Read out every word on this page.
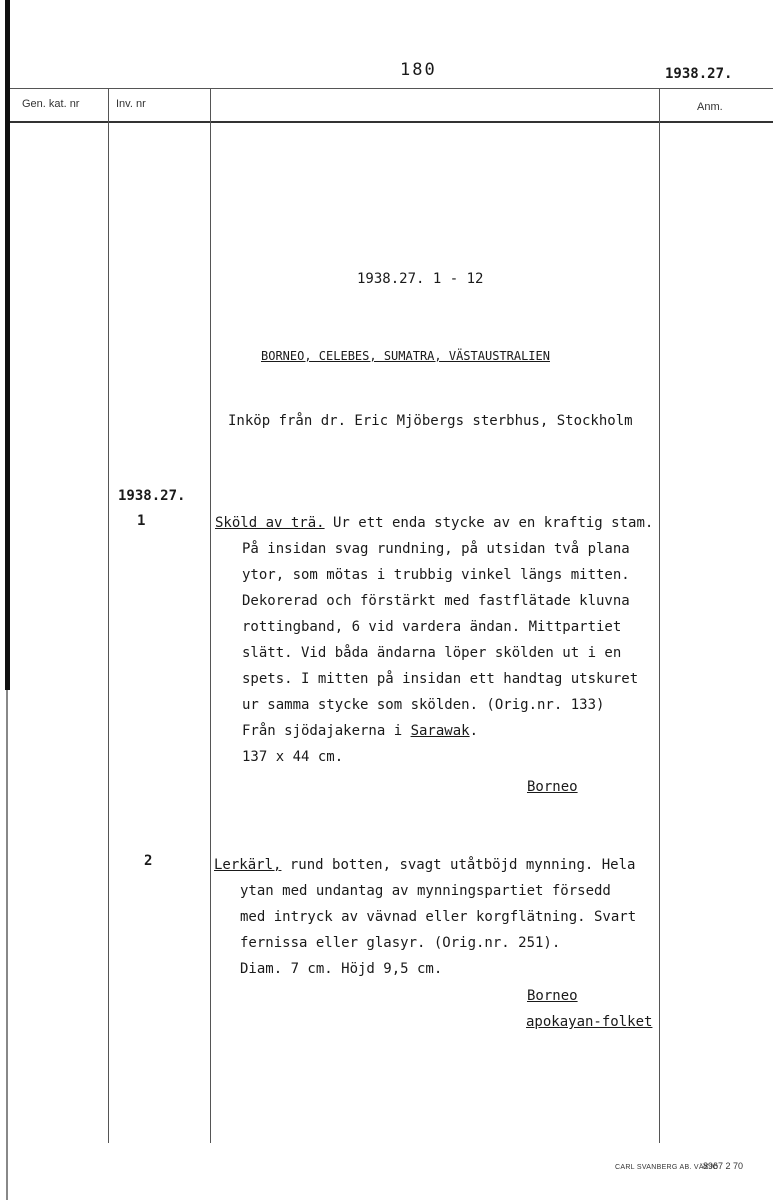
180	1938.27.
Gen. kat. nr	Inv. nr	Anm.
1938.27. 1 - 12
BORNEO, CELEBES, SUMATRA, VÄSTAUSTRALIEN
Inköp från dr. Eric Mjöbergs sterbhus, Stockholm
1938.27.
1	Sköld av trä. Ur ett enda stycke av en kraftig stam.
På insidan svag rundning, på utsidan två plana
ytor, som mötas i trubbig vinkel längs mitten.
Dekorerad och förstärkt med fastflätade kluvna
rottingband, 6 vid vardera ändan. Mittpartiet
slätt. Vid båda ändarna löper skölden ut i en
spets. I mitten på insidan ett handtag utskuret
ur samma stycke som skölden. (Orig.nr. 133)
Från sjödajakerna i Sarawak.
137 x 44 cm.
Borneo
2	Lerkärl, rund botten, svagt utåtböjd mynning. Hela
ytan med undantag av mynningspartiet försedd
med intryck av vävnad eller korgflätning. Svart
fernissa eller glasyr. (Orig.nr. 251).
Diam. 7 cm. Höjd 9,5 cm.
Borneo
apokayan-folket
CARL SVANBERG AB. VÄXJÖ
8967 2 70
